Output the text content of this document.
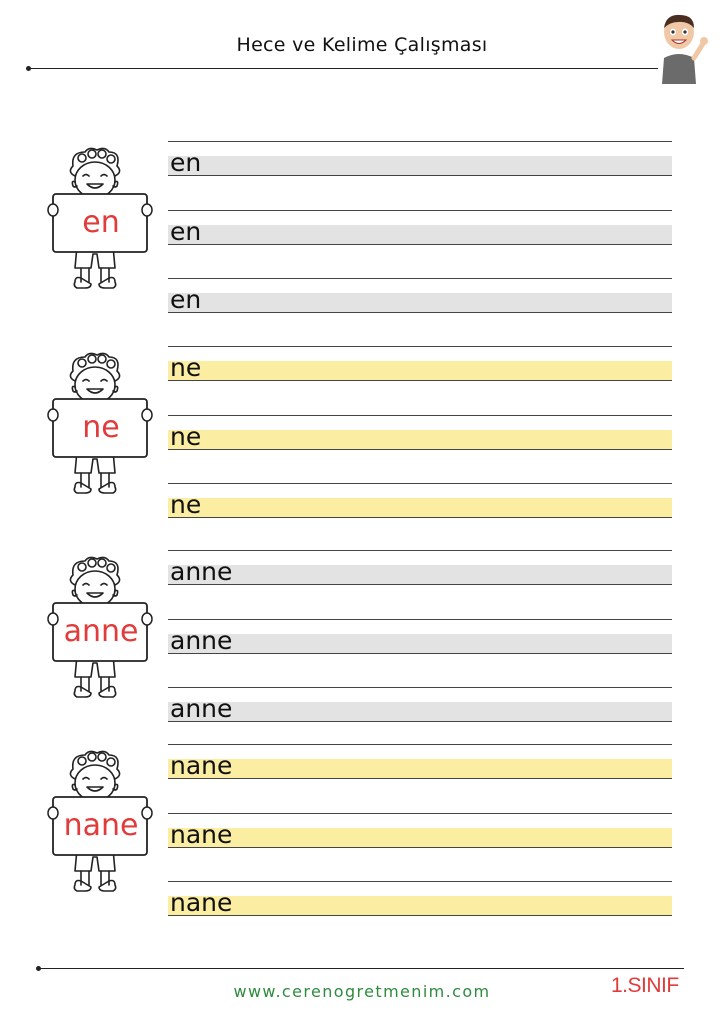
Hece ve Kelime Çalışması
en
en
en
ne
ne
ne
anne
anne
anne
nane
nane
nane
en
ne
anne
nane
www.cerenogretmenim.com	1.SINIF
